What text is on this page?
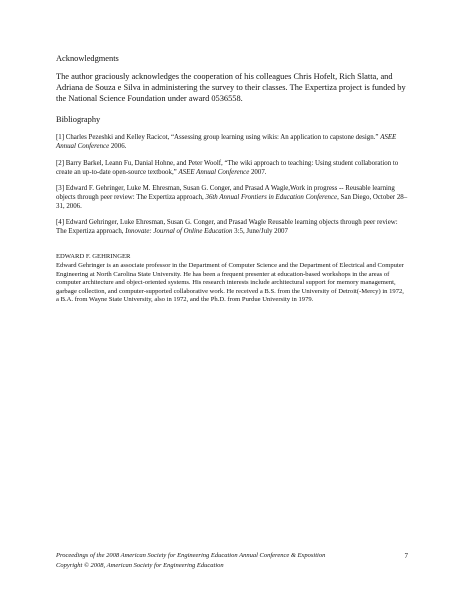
Acknowledgments

The author graciously acknowledges the cooperation of his colleagues Chris Hofelt, Rich Slatta, and Adriana de Souza e Silva in administering the survey to their classes. The Expertiza project is funded by the National Science Foundation under award 0536558.

Bibliography

[1] Charles Pezeshki and Kelley Racicot, “Assessing group learning using wikis: An application to capstone design.” ASEE Annual Conference 2006.

[2] Barry Barkel, Leann Fu, Danial Hohne, and Peter Woolf, “The wiki approach to teaching: Using student collaboration to create an up-to-date open-source textbook,” ASEE Annual Conference 2007.

[3] Edward F. Gehringer, Luke M. Ehresman, Susan G. Conger, and Prasad A Wagle,Work in progress -- Reusable learning objects through peer review: The Expertiza approach, 36th Annual Frontiers in Education Conference, San Diego, October 28–31, 2006.

[4] Edward Gehringer, Luke Ehresman, Susan G. Conger, and Prasad Wagle Reusable learning objects through peer review: The Expertiza approach, Innovate: Journal of Online Education 3:5, June/July 2007

EDWARD F. GEHRINGER

Edward Gehringer is an associate professor in the Department of Computer Science and the Department of Electrical and Computer Engineering at North Carolina State University. He has been a frequent presenter at education-based workshops in the areas of computer architecture and object-oriented systems. His research interests include architectural support for memory management, garbage collection, and computer-supported collaborative work. He received a B.S. from the University of Detroit(-Mercy) in 1972, a B.A. from Wayne State University, also in 1972, and the Ph.D. from Purdue University in 1979.

Proceedings of the 2008 American Society for Engineering Education Annual Conference & Exposition
Copyright © 2008, American Society for Engineering Education
7
